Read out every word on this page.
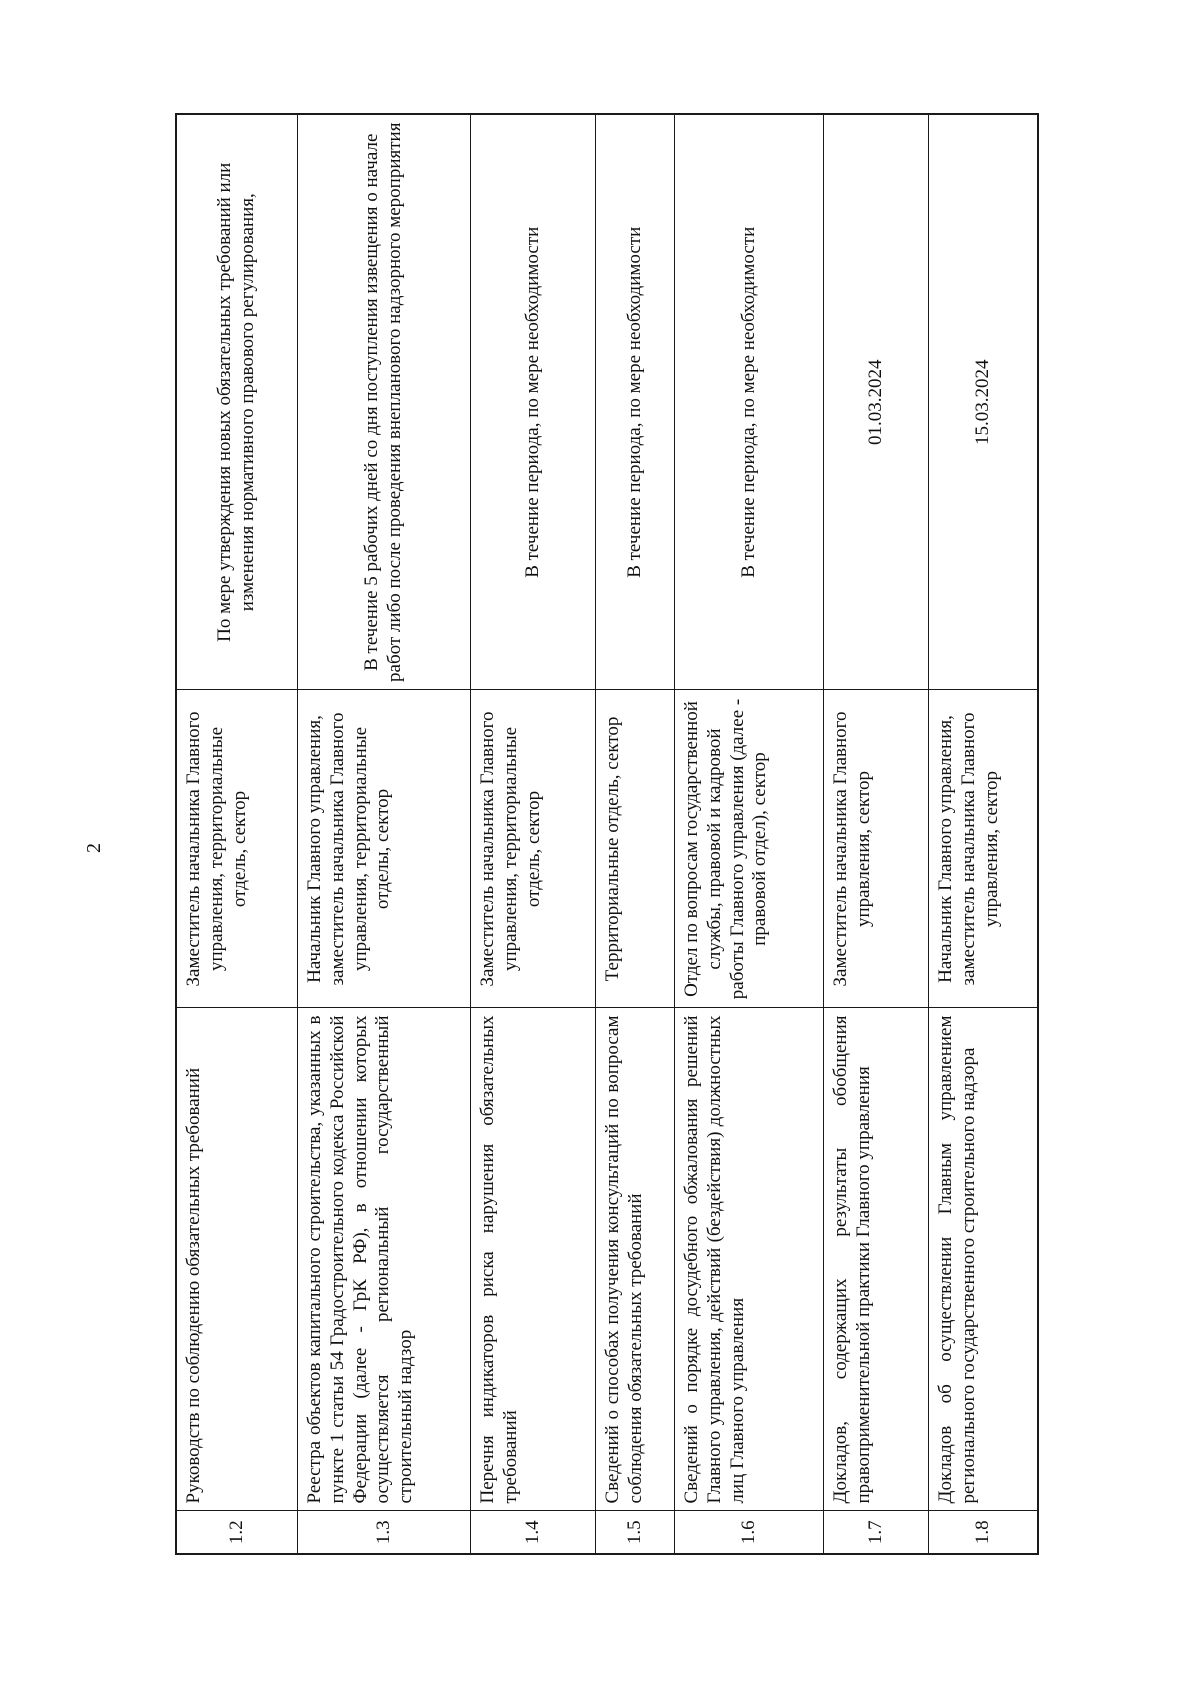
2
1.2	Руководств по соблюдению обязательных требований	Заместитель начальника Главного управления, территориальные отдель, сектор	По мере утверждения новых обязательных требований или изменения нормативного правового регулирования,
1.3	Реестра объектов капитального строительства, указанных в пункте 1 статьи 54 Градостроительного кодекса Российской Федерации (далее - ГрК РФ), в отношении которых осуществляется региональный государственный строительный надзор	Начальник Главного управления, заместитель начальника Главного управления, территориальные отделы, сектор	В течение 5 рабочих дней со дня поступления извещения о начале работ либо после проведения внепланового надзорного мероприятия
1.4	Перечня индикаторов риска нарушения обязательных требований	Заместитель начальника Главного управления, территориальные отдель, сектор	В течение периода, по мере необходимости
1.5	Сведений о способах получения консультаций по вопросам соблюдения обязательных требований	Территориальные отдель, сектор	В течение периода, по мере необходимости
1.6	Сведений о порядке досудебного обжалования решений Главного управления, действий (бездействия) должностных лиц Главного управления	Отдел по вопросам государственной службы, правовой и кадровой работы Главного управления (далее - правовой отдел), сектор	В течение периода, по мере необходимости
1.7	Докладов, содержащих результаты обобщения правоприменительной практики Главного управления	Заместитель начальника Главного управления, сектор	01.03.2024
1.8	Докладов об осуществлении Главным управлением регионального государственного строительного надзора	Начальник Главного управления, заместитель начальника Главного управления, сектор	15.03.2024
